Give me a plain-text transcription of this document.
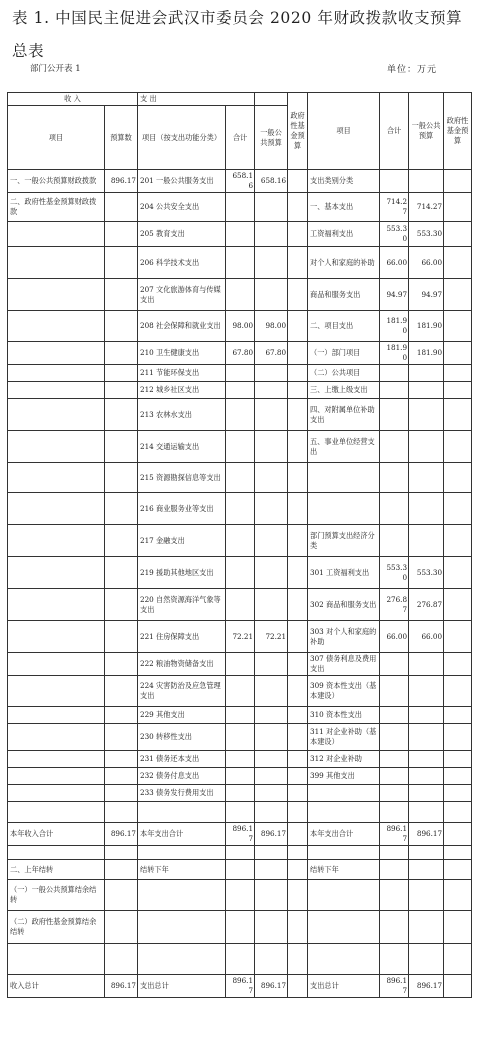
表 1. 中国民主促进会武汉市委员会 2020 年财政拨款收支预算总表
部门公开表 1	单位：万元
收 入		支 出			政府性基金预算	项目	合计	一般公共预算	政府性基金预算
项目	预算数	项目（按支出功能分类）	合计	一般公共预算					
一、一般公共预算财政拨款	896.17	201 一般公共服务支出	658.16	658.16		支出类别分类			
二、政府性基金预算财政拨款		204 公共安全支出				一、基本支出	714.27	714.27	
		205 教育支出				工资福利支出	553.30	553.30	
		206 科学技术支出				对个人和家庭的补助	66.00	66.00	
		207 文化旅游体育与传媒支出				商品和服务支出	94.97	94.97	
		208 社会保障和就业支出	98.00	98.00		二、项目支出	181.90	181.90	
		210 卫生健康支出	67.80	67.80		（一）部门项目	181.90	181.90	
		211 节能环保支出				（二）公共项目			
		212 城乡社区支出				三、上缴上级支出			
		213 农林水支出				四、对附属单位补助支出			
		214 交通运输支出				五、事业单位经营支出			
		215 资源勘探信息等支出							
		216 商业服务业等支出							
		217 金融支出				部门预算支出经济分类			
		219 援助其他地区支出				301 工资福利支出	553.30	553.30	
		220 自然资源海洋气象等支出				302 商品和服务支出	276.87	276.87	
		221 住房保障支出	72.21	72.21		303 对个人和家庭的补助	66.00	66.00	
		222 粮油物资储备支出				307 债务利息及费用支出			
		224 灾害防治及应急管理支出				309 资本性支出（基本建设）			
		229 其他支出				310 资本性支出			
		230 转移性支出				311 对企业补助（基本建设）			
		231 债务还本支出				312 对企业补助			
		232 债务付息支出				399 其他支出			
		233 债务发行费用支出							

本年收入合计	896.17	本年支出合计	896.17	896.17		本年支出合计	896.17	896.17	

二、上年结转		结转下年				结转下年			
（一）一般公共预算结余结转									
（二）政府性基金预算结余结转									

收入总计	896.17	支出总计	896.17	896.17		支出总计	896.17	896.17	
